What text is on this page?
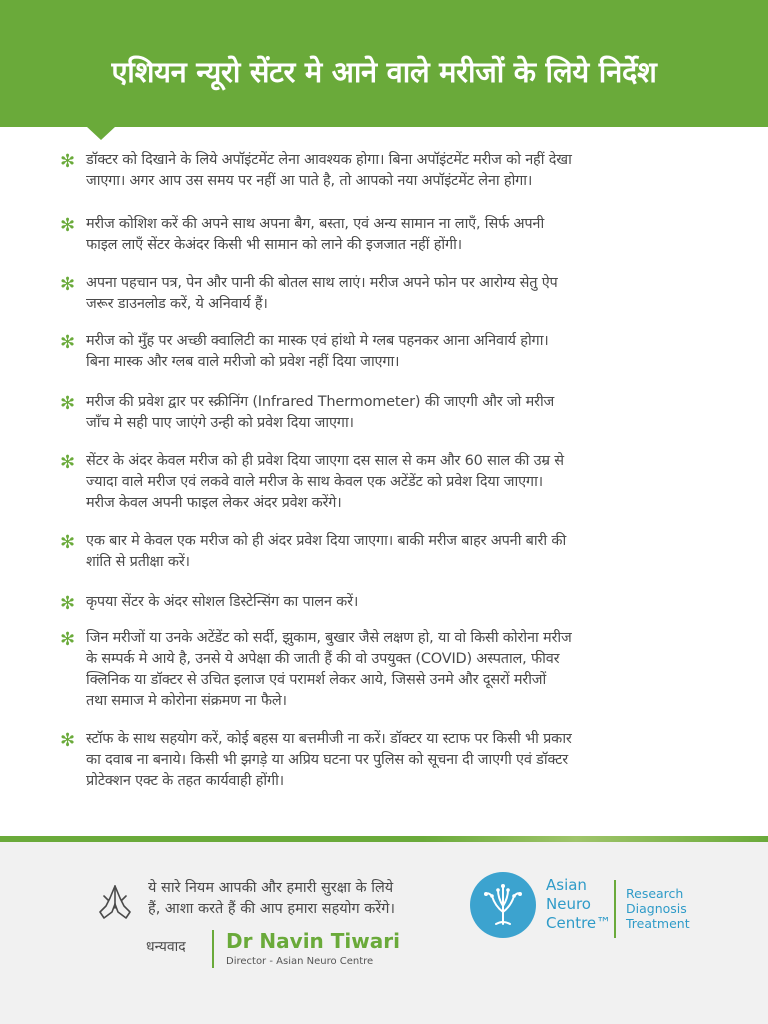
एशियन न्यूरो सेंटर मे आने वाले मरीजों के लिये निर्देश
✻ डॉक्टर को दिखाने के लिये अपॉइंटमेंट लेना आवश्यक होगा। बिना अपॉइंटमेंट मरीज को नहीं देखा
जाएगा। अगर आप उस समय पर नहीं आ पाते है, तो आपको नया अपॉइंटमेंट लेना होगा।
✻ मरीज कोशिश करें की अपने साथ अपना बैग, बस्ता, एवं अन्य सामान ना लाएँ, सिर्फ अपनी
फाइल लाएँ सेंटर केअंदर किसी भी सामान को लाने की इजजात नहीं होंगी।
✻ अपना पहचान पत्र, पेन और पानी की बोतल साथ लाएं। मरीज अपने फोन पर आरोग्य सेतु ऐप
जरूर डाउनलोड करें, ये अनिवार्य हैं।
✻ मरीज को मुँह पर अच्छी क्वालिटी का मास्क एवं हांथो मे ग्लब पहनकर आना अनिवार्य होगा।
बिना मास्क और ग्लब वाले मरीजो को प्रवेश नहीं दिया जाएगा।
✻ मरीज की प्रवेश द्वार पर स्क्रीनिंग (Infrared Thermometer) की जाएगी और जो मरीज
जाँच मे सही पाए जाएंगे उन्ही को प्रवेश दिया जाएगा।
✻ सेंटर के अंदर केवल मरीज को ही प्रवेश दिया जाएगा दस साल से कम और 60 साल की उम्र से
ज्यादा वाले मरीज एवं लकवे वाले मरीज के साथ केवल एक अटेंडेंट को प्रवेश दिया जाएगा।
मरीज केवल अपनी फाइल लेकर अंदर प्रवेश करेंगे।
✻ एक बार मे केवल एक मरीज को ही अंदर प्रवेश दिया जाएगा। बाकी मरीज बाहर अपनी बारी की
शांति से प्रतीक्षा करें।
✻ कृपया सेंटर के अंदर सोशल डिस्टेन्सिंग का पालन करें।
✻ जिन मरीजों या उनके अटेंडेंट को सर्दी, झुकाम, बुखार जैसे लक्षण हो, या वो किसी कोरोना मरीज
के सम्पर्क मे आये है, उनसे ये अपेक्षा की जाती हैं की वो उपयुक्त (COVID) अस्पताल, फीवर
क्लिनिक या डॉक्टर से उचित इलाज एवं परामर्श लेकर आये, जिससे उनमे और दूसरों मरीजों
तथा समाज मे कोरोना संक्रमण ना फैले।
✻ स्टॉफ के साथ सहयोग करें, कोई बहस या बत्तमीजी ना करें। डॉक्टर या स्टाफ पर किसी भी प्रकार
का दवाब ना बनाये। किसी भी झगड़े या अप्रिय घटना पर पुलिस को सूचना दी जाएगी एवं डॉक्टर
प्रोटेक्शन एक्ट के तहत कार्यवाही होंगी।
ये सारे नियम आपकी और हमारी सुरक्षा के लिये
हैं, आशा करते हैं की आप हमारा सहयोग करेंगे।
धन्यवाद Dr Navin Tiwari
Director - Asian Neuro Centre
Asian
Neuro
Centre™
Research
Diagnosis
Treatment
